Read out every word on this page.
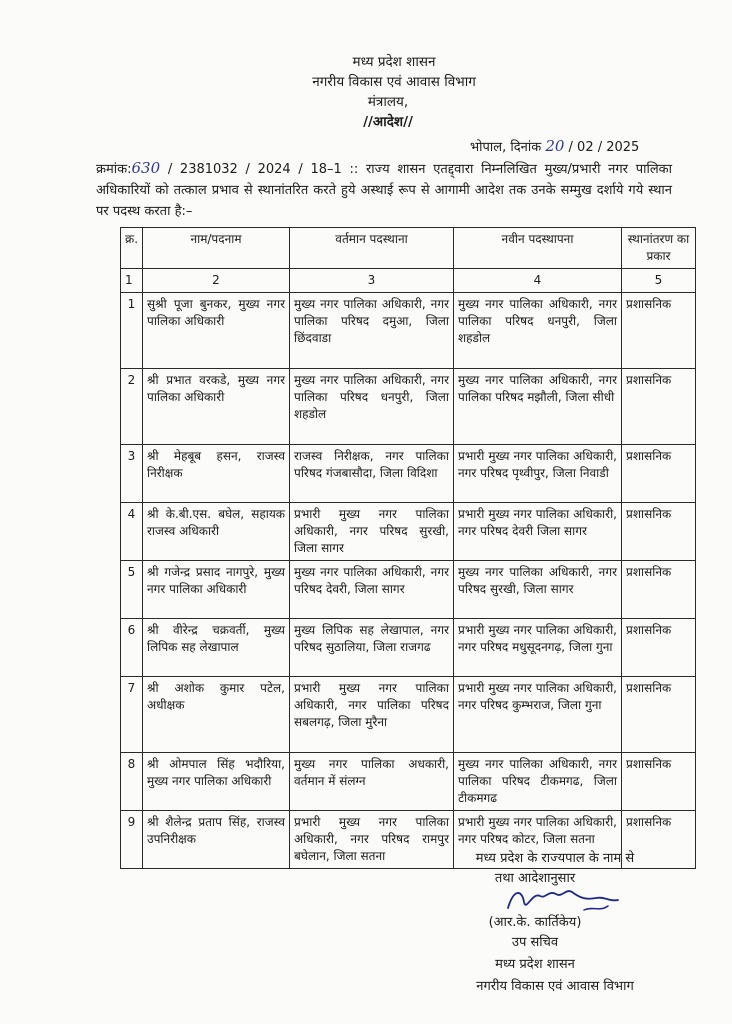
मध्य प्रदेश शासन
नगरीय विकास एवं आवास विभाग
मंत्रालय,
//आदेश//
भोपाल, दिनांक 20 / 02 / 2025
क्रमांक:630 / 2381032 / 2024 / 18–1 :: राज्य शासन एतद्द्वारा निम्नलिखित मुख्य/प्रभारी नगर पालिका अधिकारियों को तत्काल प्रभाव से स्थानांतरित करते हुये अस्थाई रूप से आगामी आदेश तक उनके सम्मुख दर्शाये गये स्थान पर पदस्थ करता है:–
क्र.	नाम/पदनाम	वर्तमान पदस्थाना	नवीन पदस्थापना	स्थानांतरण का प्रकार
1	2	3	4	5
1	सुश्री पूजा बुनकर, मुख्य नगर पालिका अधिकारी	मुख्य नगर पालिका अधिकारी, नगर पालिका परिषद दमुआ, जिला छिंदवाडा	मुख्य नगर पालिका अधिकारी, नगर पालिका परिषद धनपुरी, जिला शहडोल	प्रशासनिक
2	श्री प्रभात वरकडे, मुख्य नगर पालिका अधिकारी	मुख्य नगर पालिका अधिकारी, नगर पालिका परिषद धनपुरी, जिला शहडोल	मुख्य नगर पालिका अधिकारी, नगर पालिका परिषद मझौली, जिला सीधी	प्रशासनिक
3	श्री मेहबूब हसन, राजस्व निरीक्षक	राजस्व निरीक्षक, नगर पालिका परिषद गंजबासौदा, जिला विदिशा	प्रभारी मुख्य नगर पालिका अधिकारी, नगर परिषद पृथ्वीपुर, जिला निवाडी	प्रशासनिक
4	श्री के.बी.एस. बघेल, सहायक राजस्व अधिकारी	प्रभारी मुख्य नगर पालिका अधिकारी, नगर परिषद सुरखी, जिला सागर	प्रभारी मुख्य नगर पालिका अधिकारी, नगर परिषद देवरी जिला सागर	प्रशासनिक
5	श्री गजेन्द्र प्रसाद नागपुरे, मुख्य नगर पालिका अधिकारी	मुख्य नगर पालिका अधिकारी, नगर परिषद देवरी, जिला सागर	मुख्य नगर पालिका अधिकारी, नगर परिषद सुरखी, जिला सागर	प्रशासनिक
6	श्री वीरेन्द्र चक्रवर्ती, मुख्य लिपिक सह लेखापाल	मुख्य लिपिक सह लेखापाल, नगर परिषद सुठालिया, जिला राजगढ	प्रभारी मुख्य नगर पालिका अधिकारी, नगर परिषद मधुसूदनगढ़, जिला गुना	प्रशासनिक
7	श्री अशोक कुमार पटेल, अधीक्षक	प्रभारी मुख्य नगर पालिका अधिकारी, नगर पालिका परिषद सबलगढ़, जिला मुरैना	प्रभारी मुख्य नगर पालिका अधिकारी, नगर परिषद कुम्भराज, जिला गुना	प्रशासनिक
8	श्री ओमपाल सिंह भदौरिया, मुख्य नगर पालिका अधिकारी	मुख्य नगर पालिका अधकारी, वर्तमान में संलग्न	मुख्य नगर पालिका अधिकारी, नगर पालिका परिषद टीकमगढ, जिला टीकमगढ	प्रशासनिक
9	श्री शैलेन्द्र प्रताप सिंह, राजस्व उपनिरीक्षक	प्रभारी मुख्य नगर पालिका अधिकारी, नगर परिषद रामपुर बघेलान, जिला सतना	प्रभारी मुख्य नगर पालिका अधिकारी, नगर परिषद कोटर, जिला सतना	प्रशासनिक
मध्य प्रदेश के राज्यपाल के नाम से
तथा आदेशानुसार
(आर.के. कार्तिकेय)
उप सचिव
मध्य प्रदेश शासन
नगरीय विकास एवं आवास विभाग
